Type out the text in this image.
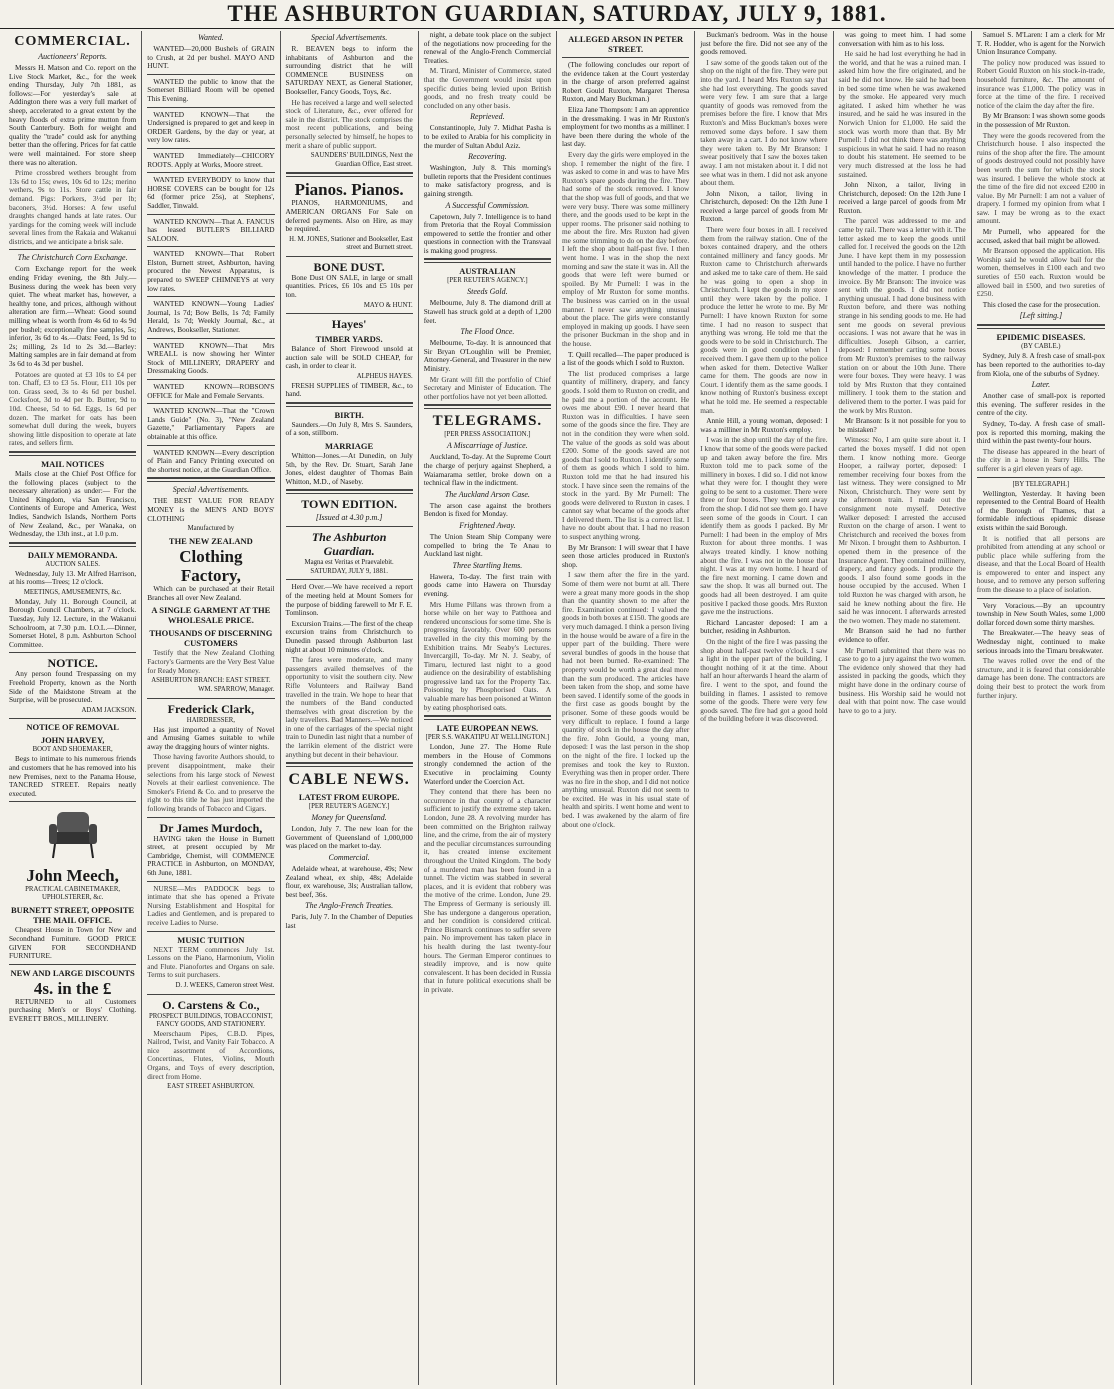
THE ASHBURTON GUARDIAN, SATURDAY, JULY 9, 1881.
COMMERCIAL.
Auctioneers' Reports.

Messrs H. Matson and Co. report on the Live Stock Market, &c., for the week ending Thursday, July 7th 1881, as follows:—For yesterday's sale at Addington there was a very full market of sheep, accelerated to a great extent by the heavy floods of extra prime mutton from South Canterbury. Both for weight and quality the "trade" could ask for anything better than the offering. Prices for fat cattle were well maintained. For store sheep there was no alteration.

Prime crossbred wethers brought from 13s 6d to 15s; ewes, 10s 6d to 12s; merino wethers, 9s to 11s. Store cattle in fair demand. Pigs: Porkers, 3½d per lb; baconers, 3½d. Horses: A few useful draughts changed hands at late rates. Our yardings for the coming week will include several lines from the Rakaia and Wakanui districts, and we anticipate a brisk sale.

The Christchurch Corn Exchange.

Corn Exchange report for the week ending Friday evening, the 8th July.—Business during the week has been very quiet. The wheat market has, however, a healthy tone, and prices, although without alteration are firm.—Wheat: Good sound milling wheat is worth from 4s 6d to 4s 9d per bushel; exceptionally fine samples, 5s; inferior, 3s 6d to 4s.—Oats: Feed, 1s 9d to 2s; milling, 2s 1d to 2s 3d.—Barley: Malting samples are in fair demand at from 3s 6d to 4s 3d per bushel.

Potatoes are quoted at £3 10s to £4 per ton. Chaff, £3 to £3 5s. Flour, £11 10s per ton. Grass seed, 3s to 4s 6d per bushel. Cocksfoot, 3d to 4d per lb. Butter, 9d to 10d. Cheese, 5d to 6d. Eggs, 1s 6d per dozen. The market for oats has been somewhat dull during the week, buyers showing little disposition to operate at late rates, and sellers firm.

MAIL NOTICES

Mails close at the Chief Post Office for the following places (subject to the necessary alteration) as under:— For the United Kingdom, via San Francisco, Continents of Europe and America, West Indies, Sandwich Islands, Northern Ports of New Zealand, &c., per Wanaka, on Wednesday, the 13th inst., at 1.0 p.m.

DAILY MEMORANDA.
AUCTION SALES.

Wednesday, July 13. Mr Alfred Harrison, at his rooms—Trees; 12 o'clock.

MEETINGS, AMUSEMENTS, &c.

Monday, July 11. Borough Council, at Borough Council Chambers, at 7 o'clock. Tuesday, July 12. Lecture, in the Wakanui Schoolroom, at 7.30 p.m. I.O.L.—Dinner, Somerset Hotel, 8 p.m. Ashburton School Committee.

NOTICE.

Any person found Trespassing on my Freehold Property, known as the North Side of the Maidstone Stream at the Surprise, will be prosecuted.

ADAM JACKSON.
NOTICE OF REMOVAL
JOHN HARVEY,
BOOT AND SHOEMAKER,

Begs to intimate to his numerous friends and customers that he has removed into his new Premises, next to the Panama House, TANCRED STREET. Repairs neatly executed.

John Meech,
PRACTICAL CABINETMAKER, UPHOLSTERER, &c.
BURNETT STREET, OPPOSITE THE MAIL OFFICE.

Cheapest House in Town for New and Secondhand Furniture. GOOD PRICE GIVEN FOR SECONDHAND FURNITURE.

NEW AND LARGE DISCOUNTS
4s. in the £

RETURNED to all Customers purchasing Men's or Boys' Clothing. EVERETT BROS., MILLINERY.

Wanted.

WANTED—20,000 Bushels of GRAIN to Crush, at 2d per bushel. MAYO AND HUNT.

WANTED the public to know that the Somerset Billiard Room will be opened This Evening.

WANTED KNOWN—That the Undersigned is prepared to get and keep in ORDER Gardens, by the day or year, at very low rates.

WANTED Immediately—CHICORY ROOTS. Apply at Works, Moore street.

WANTED EVERYBODY to know that HORSE COVERS can be bought for 12s 6d (former price 25s), at Stephens', Saddler, Tinwald.

WANTED KNOWN—That A. FANCUS has leased BUTLER'S BILLIARD SALOON.

WANTED KNOWN—That Robert Elston, Burnett street, Ashburton, having procured the Newest Apparatus, is prepared to SWEEP CHIMNEYS at very low rates.

WANTED KNOWN—Young Ladies' Journal, 1s 7d; Bow Bells, 1s 7d; Family Herald, 1s 7d; Weekly Journal, &c., at Andrews, Bookseller, Stationer.

WANTED KNOWN—That Mrs WREALL is now showing her Winter Stock of MILLINERY, DRAPERY and Dressmaking Goods.

WANTED KNOWN—ROBSON'S OFFICE for Male and Female Servants.

WANTED KNOWN—That the "Crown Lands Guide" (No. 3), "New Zealand Gazette," Parliamentary Papers are obtainable at this office.

WANTED KNOWN—Every description of Plain and Fancy Printing executed on the shortest notice, at the Guardian Office.

Special Advertisements.

THE BEST VALUE FOR READY MONEY is the MEN'S AND BOYS' CLOTHING

Manufactured by
THE NEW ZEALAND
Clothing Factory,

Which can be purchased at their Retail Branches all over New Zealand.

A SINGLE GARMENT AT THE WHOLESALE PRICE.
THOUSANDS OF DISCERNING CUSTOMERS

Testify that the New Zealand Clothing Factory's Garments are the Very Best Value for Ready Money.

ASHBURTON BRANCH: EAST STREET.
WM. SPARROW, Manager.
Frederick Clark,
HAIRDRESSER,

Has just imported a quantity of Novel and Amusing Games suitable to while away the dragging hours of winter nights.

Those having favorite Authors should, to prevent disappointment, make their selections from his large stock of Newest Novels at their earliest convenience. The Smoker's Friend & Co. and to preserve the right to this title he has just imported the following brands of Tobacco and Cigars.

Dr James Murdoch,

HAVING taken the House in Burnett street, at present occupied by Mr Cambridge, Chemist, will COMMENCE PRACTICE in Ashburton, on MONDAY, 6th June, 1881.

NURSE—Mrs PADDOCK begs to intimate that she has opened a Private Nursing Establishment and Hospital for Ladies and Gentlemen, and is prepared to receive Ladies to Nurse.

MUSIC TUITION

NEXT TERM commences July 1st. Lessons on the Piano, Harmonium, Violin and Flute. Pianofortes and Organs on sale. Terms to suit purchasers.

D. J. WEEKS, Cameron street West.
O. Carstens & Co.,
PROSPECT BUILDINGS, TOBACCONIST, FANCY GOODS, AND STATIONERY.

Meerschaum Pipes, C.B.D. Pipes, Nailrod, Twist, and Vanity Fair Tobacco. A nice assortment of Accordions, Concertinas, Flutes, Violins, Mouth Organs, and Toys of every description, direct from Home.

EAST STREET ASHBURTON.
Special Advertisements.

R. BEAVEN begs to inform the inhabitants of Ashburton and the surrounding district that he will COMMENCE BUSINESS on SATURDAY NEXT, as General Stationer, Bookseller, Fancy Goods, Toys, &c.

He has received a large and well selected stock of Literature, &c., ever offered for sale in the district. The stock comprises the most recent publications, and being personally selected by himself, he hopes to merit a share of public support.

SAUNDERS' BUILDINGS, Next the Guardian Office, East street.
Pianos. Pianos.

PIANOS, HARMONIUMS, and AMERICAN ORGANS For Sale on deferred payments. Also on Hire, as may be required.

H. M. JONES, Stationer and Bookseller, East street and Burnett street.
BONE DUST.

Bone Dust ON SALE, in large or small quantities. Prices, £6 10s and £5 10s per ton.

MAYO & HUNT.
Hayes'
TIMBER YARDS.

Balance of Short Firewood unsold at auction sale will be SOLD CHEAP, for cash, in order to clear it.

ALPHEUS HAYES.

FRESH SUPPLIES of TIMBER, &c., to hand.

BIRTH.

Saunders.—On July 8, Mrs S. Saunders, of a son, stillborn.

MARRIAGE

Whitton—Jones.—At Dunedin, on July 5th, by the Rev. Dr. Stuart, Sarah Jane Jones, eldest daughter of Thomas Bain Whitton, M.D., of Naseby.

TOWN EDITION.
[Issued at 4.30 p.m.]
The Ashburton Guardian.
Magna est Veritas et Praevalebit.
SATURDAY, JULY 9, 1881.

Herd Over.—We have received a report of the meeting held at Mount Somers for the purpose of bidding farewell to Mr F. E. Tomlinson.

Excursion Trains.—The first of the cheap excursion trains from Christchurch to Dunedin passed through Ashburton last night at about 10 minutes o'clock.

The fares were moderate, and many passengers availed themselves of the opportunity to visit the southern city. New Rifle Volunteers and Railway Band travelled in the train. We hope to hear that the numbers of the Band conducted themselves with great discretion by the lady travellers. Bad Manners.—We noticed in one of the carriages of the special night train to Dunedin last night that a number of the larrikin element of the district were anything but decent in their behaviour.

CABLE NEWS.
LATEST FROM EUROPE.
[PER REUTER'S AGENCY.]
Money for Queensland.

London, July 7. The new loan for the Government of Queensland of 1,000,000 was placed on the market to-day.

Commercial.

Adelaide wheat, at warehouse, 49s; New Zealand wheat, ex ship, 48s; Adelaide flour, ex warehouse, 3ls; Australian tallow, best beef, 36s.

The Anglo-French Treaties.

Paris, July 7. In the Chamber of Deputies last

night, a debate took place on the subject of the negotiations now proceeding for the renewal of the Anglo-French Commercial Treaties.

M. Tirard, Minister of Commerce, stated that the Government would insist upon specific duties being levied upon British goods, and no fresh treaty could be concluded on any other basis.

Reprieved.

Constantinople, July 7. Midhat Pasha is to be exiled to Arabia for his complicity in the murder of Sultan Abdul Aziz.

Recovering.

Washington, July 8. This morning's bulletin reports that the President continues to make satisfactory progress, and is gaining strength.

A Successful Commission.

Capetown, July 7. Intelligence is to hand from Pretoria that the Royal Commission empowered to settle the frontier and other questions in connection with the Transvaal is making good progress.

AUSTRALIAN
[PER REUTER'S AGENCY.]
Steeds Gold.

Melbourne, July 8. The diamond drill at Stawell has struck gold at a depth of 1,200 feet.

The Flood Once.

Melbourne, To-day. It is announced that Sir Bryan O'Loughlin will be Premier, Attorney-General, and Treasurer in the new Ministry.

Mr Grant will fill the portfolio of Chief Secretary and Minister of Education. The other portfolios have not yet been allotted.

TELEGRAMS.
[PER PRESS ASSOCIATION.]
A Miscarriage of Justice.

Auckland, To-day. At the Supreme Court the charge of perjury against Shepherd, a Waiamarama settler, broke down on a technical flaw in the indictment.

The Auckland Arson Case.

The arson case against the brothers Bendon is fixed for Monday.

Frightened Away.

The Union Steam Ship Company were compelled to bring the Te Anau to Auckland last night.

Three Startling Items.

Hawera, To-day. The first train with goods came into Hawera on Thursday evening.

Mrs Hume Pillans was thrown from a horse while on her way to Patthoea and rendered unconscious for some time. She is progressing favorably. Over 600 persons travelled in the city this morning by the Exhibition trains. Mr Seaby's Lectures. Invercargill, To-day. Mr N. J. Seaby, of Timaru, lectured last night to a good audience on the desirability of establishing progressive land tax for the Property Tax. Poisoning by Phosphorised Oats. A valuable mare has been poisoned at Winton by eating phosphorised oats.

LATE EUROPEAN NEWS.
[PER S.S. WAKATIPU AT WELLINGTON.]

London, June 27. The Home Rule members in the House of Commons strongly condemned the action of the Executive in proclaiming County Waterford under the Coercion Act.

They contend that there has been no occurrence in that county of a character sufficient to justify the extreme step taken. London, June 28. A revolving murder has been committed on the Brighton railway line, and the crime, from the air of mystery and the peculiar circumstances surrounding it, has created intense excitement throughout the United Kingdom. The body of a murdered man has been found in a tunnel. The victim was stabbed in several places, and it is evident that robbery was the motive of the crime. London, June 29. The Empress of Germany is seriously ill. She has undergone a dangerous operation, and her condition is considered critical. Prince Bismarck continues to suffer severe pain. No improvement has taken place in his health during the last twenty-four hours. The German Emperor continues to steadily improve, and is now quite convalescent. It has been decided in Russia that in future political executions shall be in private.

ALLEGED ARSON IN PETER STREET.

(The following concludes our report of the evidence taken at the Court yesterday in the charge of arson preferred against Robert Gould Ruxton, Margaret Theresa Ruxton, and Mary Buckman.)

Eliza Jane Thompson: I am an apprentice in the dressmaking. I was in Mr Ruxton's employment for two months as a milliner. I have been there during the whole of the last day.

Every day the girls were employed in the shop. I remember the night of the fire. I was asked to come in and was to have Mrs Ruxton's spare goods during the fire. They had some of the stock removed. I know that the shop was full of goods, and that we were very busy. There was some millinery there, and the goods used to be kept in the upper rooms. The prisoner said nothing to me about the fire. Mrs Ruxton had given me some trimming to do on the day before. I left the shop about half-past five. I then went home. I was in the shop the next morning and saw the state it was in. All the goods that were left were burned or spoiled. By Mr Purnell: I was in the employ of Mr Ruxton for some months. The business was carried on in the usual manner. I never saw anything unusual about the place. The girls were constantly employed in making up goods. I have seen the prisoner Buckman in the shop and in the house.

T. Quill recalled—The paper produced is a list of the goods which I sold to Ruxton.

The list produced comprises a large quantity of millinery, drapery, and fancy goods. I sold them to Ruxton on credit, and he paid me a portion of the account. He owes me about £90. I never heard that Ruxton was in difficulties. I have seen some of the goods since the fire. They are not in the condition they were when sold. The value of the goods as sold was about £200. Some of the goods saved are not goods that I sold to Ruxton. I identify some of them as goods which I sold to him. Ruxton told me that he had insured his stock. I have since seen the remains of the stock in the yard. By Mr Purnell: The goods were delivered to Ruxton in cases. I cannot say what became of the goods after I delivered them. The list is a correct list. I have no doubt about that. I had no reason to suspect anything wrong.

By Mr Branson: I will swear that I have seen those articles produced in Ruxton's shop.

I saw them after the fire in the yard. Some of them were not burnt at all. There were a great many more goods in the shop than the quantity shown to me after the fire. Examination continued: I valued the goods in both boxes at £150. The goods are very much damaged. I think a person living in the house would be aware of a fire in the upper part of the building. There were several bundles of goods in the house that had not been burned. Re-examined: The property would be worth a great deal more than the sum produced. The articles have been taken from the shop, and some have been saved. I identify some of the goods in the first case as goods bought by the prisoner. Some of these goods would be very difficult to replace. I found a large quantity of stock in the house the day after the fire. John Gould, a young man, deposed: I was the last person in the shop on the night of the fire. I locked up the premises and took the key to Ruxton. Everything was then in proper order. There was no fire in the shop, and I did not notice anything unusual. Ruxton did not seem to be excited. He was in his usual state of health and spirits. I went home and went to bed. I was awakened by the alarm of fire about one o'clock.

Buckman's bedroom. Was in the house just before the fire. Did not see any of the goods removed.

I saw some of the goods taken out of the shop on the night of the fire. They were put into the yard. I heard Mrs Ruxton say that she had lost everything. The goods saved were very few. I am sure that a large quantity of goods was removed from the premises before the fire. I know that Mrs Ruxton's and Miss Buckman's boxes were removed some days before. I saw them taken away in a cart. I do not know where they were taken to. By Mr Branson: I swear positively that I saw the boxes taken away. I am not mistaken about it. I did not see what was in them. I did not ask anyone about them.

John Nixon, a tailor, living in Christchurch, deposed: On the 12th June I received a large parcel of goods from Mr Ruxton.

There were four boxes in all. I received them from the railway station. One of the boxes contained drapery, and the others contained millinery and fancy goods. Mr Ruxton came to Christchurch afterwards and asked me to take care of them. He said he was going to open a shop in Christchurch. I kept the goods in my store until they were taken by the police. I produce the letter he wrote to me. By Mr Purnell: I have known Ruxton for some time. I had no reason to suspect that anything was wrong. He told me that the goods were to be sold in Christchurch. The goods were in good condition when I received them. I gave them up to the police when asked for them. Detective Walker came for them. The goods are now in Court. I identify them as the same goods. I know nothing of Ruxton's business except what he told me. He seemed a respectable man.

Annie Hill, a young woman, deposed: I was a milliner in Mr Ruxton's employ.

I was in the shop until the day of the fire. I know that some of the goods were packed up and taken away before the fire. Mrs Ruxton told me to pack some of the millinery in boxes. I did so. I did not know what they were for. I thought they were going to be sent to a customer. There were three or four boxes. They were sent away from the shop. I did not see them go. I have seen some of the goods in Court. I can identify them as goods I packed. By Mr Purnell: I had been in the employ of Mrs Ruxton for about three months. I was always treated kindly. I know nothing about the fire. I was not in the house that night. I was at my own home. I heard of the fire next morning. I came down and saw the shop. It was all burned out. The goods had all been destroyed. I am quite positive I packed those goods. Mrs Ruxton gave me the instructions.

Richard Lancaster deposed: I am a butcher, residing in Ashburton.

On the night of the fire I was passing the shop about half-past twelve o'clock. I saw a light in the upper part of the building. I thought nothing of it at the time. About half an hour afterwards I heard the alarm of fire. I went to the spot, and found the building in flames. I assisted to remove some of the goods. There were very few goods saved. The fire had got a good hold of the building before it was discovered.

was going to meet him. I had some conversation with him as to his loss.

He said he had lost everything he had in the world, and that he was a ruined man. I asked him how the fire originated, and he said he did not know. He said he had been in bed some time when he was awakened by the smoke. He appeared very much agitated. I asked him whether he was insured, and he said he was insured in the Norwich Union for £1,000. He said the stock was worth more than that. By Mr Purnell: I did not think there was anything suspicious in what he said. I had no reason to doubt his statement. He seemed to be very much distressed at the loss he had sustained.

John Nixon, a tailor, living in Christchurch, deposed: On the 12th June I received a large parcel of goods from Mr Ruxton.

The parcel was addressed to me and came by rail. There was a letter with it. The letter asked me to keep the goods until called for. I received the goods on the 12th June. I have kept them in my possession until handed to the police. I have no further knowledge of the matter. I produce the invoice. By Mr Branson: The invoice was sent with the goods. I did not notice anything unusual. I had done business with Ruxton before, and there was nothing strange in his sending goods to me. He had sent me goods on several previous occasions. I was not aware that he was in difficulties. Joseph Gibson, a carrier, deposed: I remember carting some boxes from Mr Ruxton's premises to the railway station on or about the 10th June. There were four boxes. They were heavy. I was told by Mrs Ruxton that they contained millinery. I took them to the station and delivered them to the porter. I was paid for the work by Mrs Ruxton.

Mr Branson: Is it not possible for you to be mistaken?

Witness: No, I am quite sure about it. I carted the boxes myself. I did not open them. I know nothing more. George Hooper, a railway porter, deposed: I remember receiving four boxes from the last witness. They were consigned to Mr Nixon, Christchurch. They were sent by the afternoon train. I made out the consignment note myself. Detective Walker deposed: I arrested the accused Ruxton on the charge of arson. I went to Christchurch and received the boxes from Mr Nixon. I brought them to Ashburton. I opened them in the presence of the Insurance Agent. They contained millinery, drapery, and fancy goods. I produce the goods. I also found some goods in the house occupied by the accused. When I told Ruxton he was charged with arson, he said he knew nothing about the fire. He said he was innocent. I afterwards arrested the two women. They made no statement.

Mr Branson said he had no further evidence to offer.

Mr Purnell submitted that there was no case to go to a jury against the two women. The evidence only showed that they had assisted in packing the goods, which they might have done in the ordinary course of business. His Worship said he would not deal with that point now. The case would have to go to a jury.

Samuel S. M'Laren: I am a clerk for Mr T. R. Hodder, who is agent for the Norwich Union Insurance Company.

The policy now produced was issued to Robert Gould Ruxton on his stock-in-trade, household furniture, &c. The amount of insurance was £1,000. The policy was in force at the time of the fire. I received notice of the claim the day after the fire.

By Mr Branson: I was shown some goods in the possession of Mr Ruxton.

They were the goods recovered from the Christchurch house. I also inspected the ruins of the shop after the fire. The amount of goods destroyed could not possibly have been worth the sum for which the stock was insured. I believe the whole stock at the time of the fire did not exceed £200 in value. By Mr Purnell: I am not a valuer of drapery. I formed my opinion from what I saw. I may be wrong as to the exact amount.

Mr Purnell, who appeared for the accused, asked that bail might be allowed.

Mr Branson opposed the application. His Worship said he would allow bail for the women, themselves in £100 each and two sureties of £50 each. Ruxton would be allowed bail in £500, and two sureties of £250.

This closed the case for the prosecution.

[Left sitting.]
EPIDEMIC DISEASES.
(BY CABLE.)

Sydney, July 8. A fresh case of small-pox has been reported to the authorities to-day from Kiola, one of the suburbs of Sydney.

Later.

Another case of small-pox is reported this evening. The sufferer resides in the centre of the city.

Sydney, To-day. A fresh case of small-pox is reported this morning, making the third within the past twenty-four hours.

The disease has appeared in the heart of the city in a house in Surry Hills. The sufferer is a girl eleven years of age.

[BY TELEGRAPH.]

Wellington, Yesterday. It having been represented to the Central Board of Health of the Borough of Thames, that a formidable infectious epidemic disease exists within the said Borough.

It is notified that all persons are prohibited from attending at any school or public place while suffering from the disease, and that the Local Board of Health is empowered to enter and inspect any house, and to remove any person suffering from the disease to a place of isolation.

Very Voracious.—By an upcountry township in New South Wales, some 1,000 dollar forced down some thirty marshes.

The Breakwater.—The heavy seas of Wednesday night, continued to make serious inroads into the Timaru breakwater.

The waves rolled over the end of the structure, and it is feared that considerable damage has been done. The contractors are doing their best to protect the work from further injury.
